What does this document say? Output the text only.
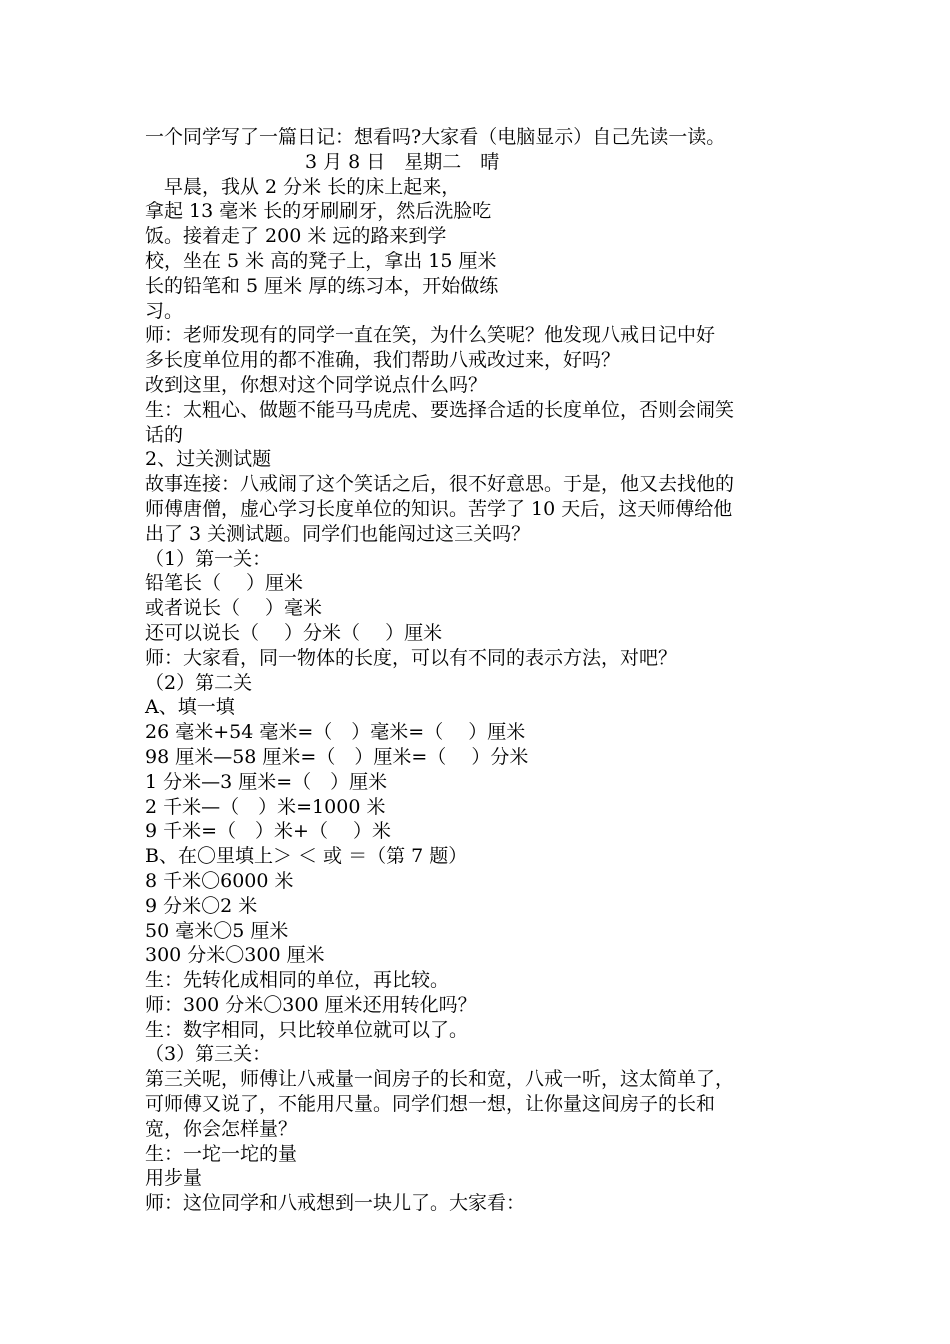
一个同学写了一篇日记：想看吗?大家看（电脑显示）自己先读一读。
3 月 8 日　星期二　晴
　早晨，我从 2 分米 长的床上起来，
拿起 13 毫米 长的牙刷刷牙，然后洗脸吃
饭。接着走了 200 米 远的路来到学
校，坐在 5 米 高的凳子上，拿出 15 厘米
长的铅笔和 5 厘米 厚的练习本，开始做练
习。
师：老师发现有的同学一直在笑，为什么笑呢？他发现八戒日记中好
多长度单位用的都不准确，我们帮助八戒改过来，好吗？
改到这里，你想对这个同学说点什么吗？
生：太粗心、做题不能马马虎虎、要选择合适的长度单位，否则会闹笑
话的
2、过关测试题
故事连接：八戒闹了这个笑话之后，很不好意思。于是，他又去找他的
师傅唐僧，虚心学习长度单位的知识。苦学了 10 天后，这天师傅给他
出了 3 关测试题。同学们也能闯过这三关吗？
（1）第一关：
铅笔长（　 ）厘米
或者说长（　 ）毫米
还可以说长（　 ）分米（　 ）厘米
师：大家看，同一物体的长度，可以有不同的表示方法，对吧？
（2）第二关
A、填一填
26 毫米+54 毫米=（　）毫米=（　 ）厘米
98 厘米—58 厘米=（　）厘米=（　 ）分米
1 分米—3 厘米=（　）厘米
2 千米—（　）米=1000 米
9 千米=（　）米+（　 ）米
B、在〇里填上＞ ＜ 或 ＝（第 7 题）
8 千米〇6000 米
9 分米〇2 米
50 毫米〇5 厘米
300 分米〇300 厘米
生：先转化成相同的单位，再比较。
师：300 分米〇300 厘米还用转化吗？
生：数字相同，只比较单位就可以了。
（3）第三关：
第三关呢，师傅让八戒量一间房子的长和宽，八戒一听，这太简单了，
可师傅又说了，不能用尺量。同学们想一想，让你量这间房子的长和
宽，你会怎样量？
生：一坨一坨的量
用步量
师：这位同学和八戒想到一块儿了。大家看：
